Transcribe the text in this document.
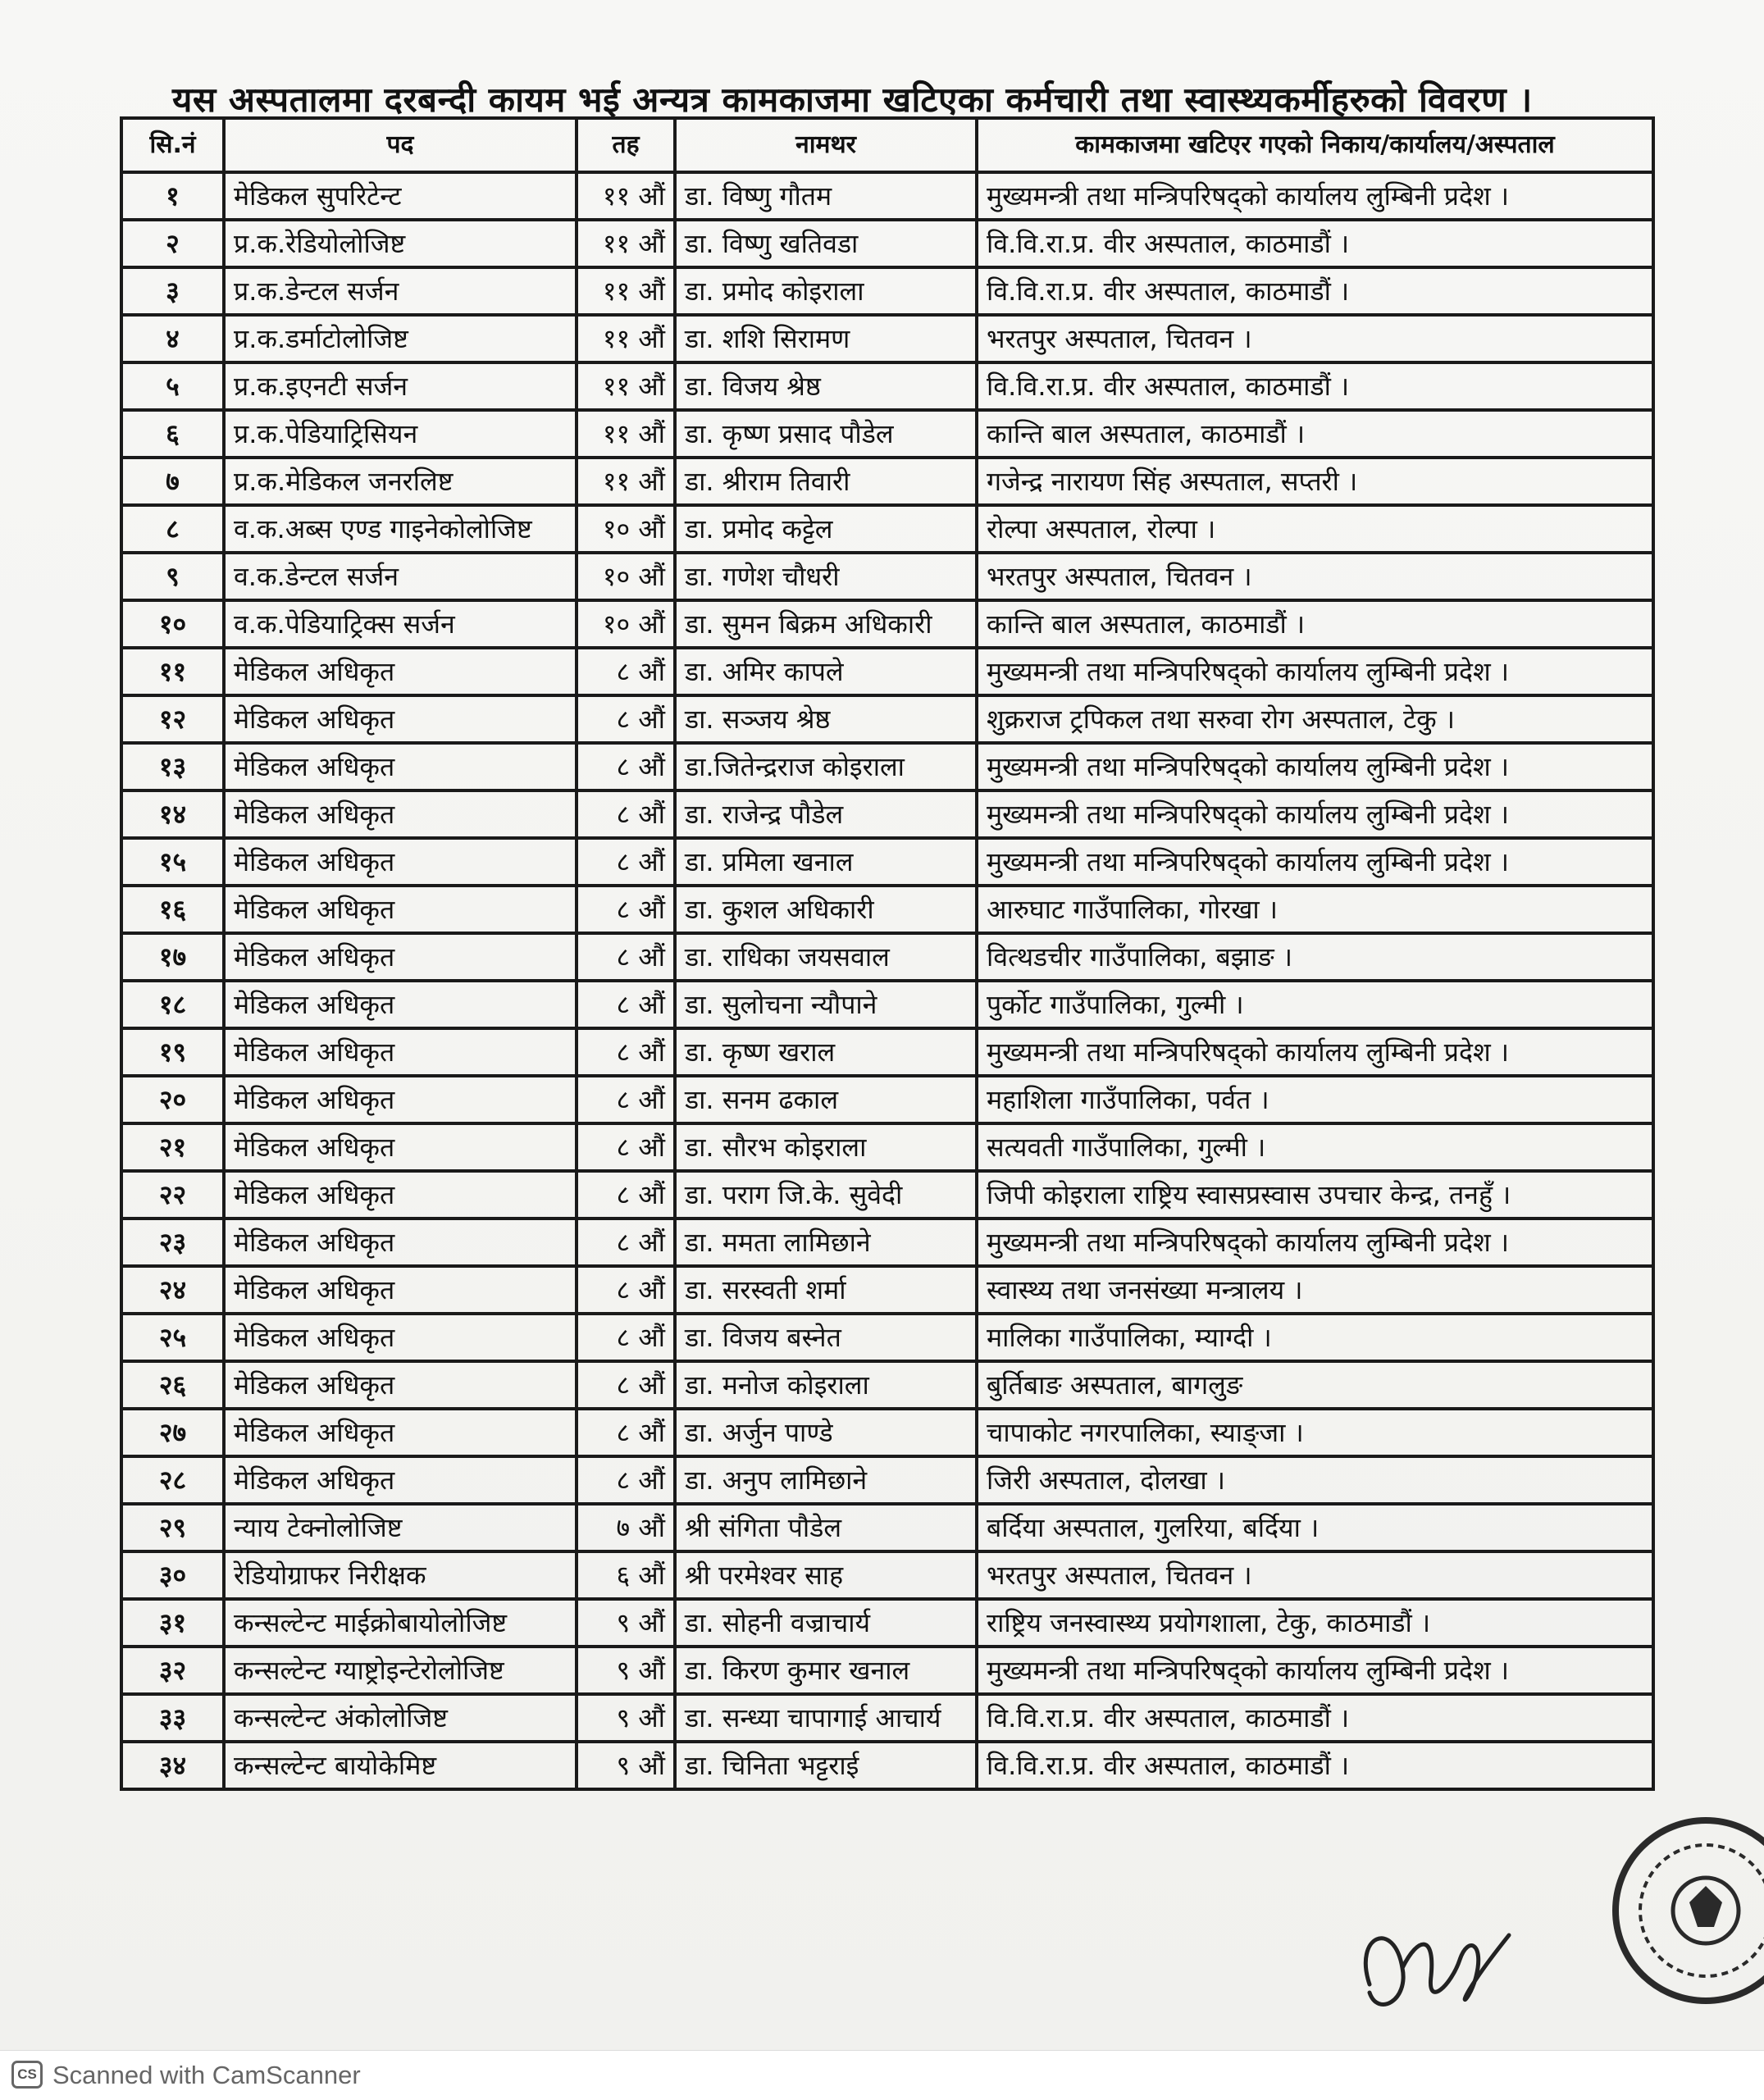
यस अस्पतालमा दरबन्दी कायम भई अन्यत्र कामकाजमा खटिएका कर्मचारी तथा स्वास्थ्यकर्मीहरुको विवरण ।
सि.नं	पद	तह	नामथर	कामकाजमा खटिएर गएको निकाय/कार्यालय/अस्पताल
१	मेडिकल सुपरिटेन्ट	११ औं	डा. विष्णु गौतम	मुख्यमन्त्री तथा मन्त्रिपरिषद्को कार्यालय लुम्बिनी प्रदेश ।
२	प्र.क.रेडियोलोजिष्ट	११ औं	डा. विष्णु खतिवडा	वि.वि.रा.प्र. वीर अस्पताल, काठमाडौं ।
३	प्र.क.डेन्टल सर्जन	११ औं	डा. प्रमोद कोइराला	वि.वि.रा.प्र. वीर अस्पताल, काठमाडौं ।
४	प्र.क.डर्माटोलोजिष्ट	११ औं	डा. शशि सिरामण	भरतपुर अस्पताल, चितवन ।
५	प्र.क.इएनटी सर्जन	११ औं	डा. विजय श्रेष्ठ	वि.वि.रा.प्र. वीर अस्पताल, काठमाडौं ।
६	प्र.क.पेडियाट्रिसियन	११ औं	डा. कृष्ण प्रसाद पौडेल	कान्ति बाल अस्पताल, काठमाडौं ।
७	प्र.क.मेडिकल जनरलिष्ट	११ औं	डा. श्रीराम तिवारी	गजेन्द्र नारायण सिंह अस्पताल, सप्तरी ।
८	व.क.अब्स एण्ड गाइनेकोलोजिष्ट	१० औं	डा. प्रमोद कट्टेल	रोल्पा अस्पताल, रोल्पा ।
९	व.क.डेन्टल सर्जन	१० औं	डा. गणेश चौधरी	भरतपुर अस्पताल, चितवन ।
१०	व.क.पेडियाट्रिक्स सर्जन	१० औं	डा. सुमन बिक्रम अधिकारी	कान्ति बाल अस्पताल, काठमाडौं ।
११	मेडिकल अधिकृत	८ औं	डा. अमिर कापले	मुख्यमन्त्री तथा मन्त्रिपरिषद्को कार्यालय लुम्बिनी प्रदेश ।
१२	मेडिकल अधिकृत	८ औं	डा. सञ्जय श्रेष्ठ	शुक्रराज ट्रपिकल तथा सरुवा रोग अस्पताल, टेकु ।
१३	मेडिकल अधिकृत	८ औं	डा.जितेन्द्रराज कोइराला	मुख्यमन्त्री तथा मन्त्रिपरिषद्को कार्यालय लुम्बिनी प्रदेश ।
१४	मेडिकल अधिकृत	८ औं	डा. राजेन्द्र पौडेल	मुख्यमन्त्री तथा मन्त्रिपरिषद्को कार्यालय लुम्बिनी प्रदेश ।
१५	मेडिकल अधिकृत	८ औं	डा. प्रमिला खनाल	मुख्यमन्त्री तथा मन्त्रिपरिषद्को कार्यालय लुम्बिनी प्रदेश ।
१६	मेडिकल अधिकृत	८ औं	डा. कुशल अधिकारी	आरुघाट गाउँपालिका, गोरखा ।
१७	मेडिकल अधिकृत	८ औं	डा. राधिका जयसवाल	वित्थडचीर गाउँपालिका, बझाङ ।
१८	मेडिकल अधिकृत	८ औं	डा. सुलोचना न्यौपाने	पुर्कोट गाउँपालिका, गुल्मी ।
१९	मेडिकल अधिकृत	८ औं	डा. कृष्ण खराल	मुख्यमन्त्री तथा मन्त्रिपरिषद्को कार्यालय लुम्बिनी प्रदेश ।
२०	मेडिकल अधिकृत	८ औं	डा. सनम ढकाल	महाशिला गाउँपालिका, पर्वत ।
२१	मेडिकल अधिकृत	८ औं	डा. सौरभ कोइराला	सत्यवती गाउँपालिका, गुल्मी ।
२२	मेडिकल अधिकृत	८ औं	डा. पराग जि.के. सुवेदी	जिपी कोइराला राष्ट्रिय स्वासप्रस्वास उपचार केन्द्र, तनहुँ ।
२३	मेडिकल अधिकृत	८ औं	डा. ममता लामिछाने	मुख्यमन्त्री तथा मन्त्रिपरिषद्को कार्यालय लुम्बिनी प्रदेश ।
२४	मेडिकल अधिकृत	८ औं	डा. सरस्वती शर्मा	स्वास्थ्य तथा जनसंख्या मन्त्रालय ।
२५	मेडिकल अधिकृत	८ औं	डा. विजय बस्नेत	मालिका गाउँपालिका, म्याग्दी ।
२६	मेडिकल अधिकृत	८ औं	डा. मनोज कोइराला	बुर्तिबाङ अस्पताल, बागलुङ
२७	मेडिकल अधिकृत	८ औं	डा. अर्जुन पाण्डे	चापाकोट नगरपालिका, स्याङ्जा ।
२८	मेडिकल अधिकृत	८ औं	डा. अनुप लामिछाने	जिरी अस्पताल, दोलखा ।
२९	न्याय टेक्नोलोजिष्ट	७ औं	श्री संगिता पौडेल	बर्दिया अस्पताल, गुलरिया, बर्दिया ।
३०	रेडियोग्राफर निरीक्षक	६ औं	श्री परमेश्वर साह	भरतपुर अस्पताल, चितवन ।
३१	कन्सल्टेन्ट माईक्रोबायोलोजिष्ट	९ औं	डा. सोहनी वज्राचार्य	राष्ट्रिय जनस्वास्थ्य प्रयोगशाला, टेकु, काठमाडौं ।
३२	कन्सल्टेन्ट ग्याष्ट्रोइन्टेरोलोजिष्ट	९ औं	डा. किरण कुमार खनाल	मुख्यमन्त्री तथा मन्त्रिपरिषद्को कार्यालय लुम्बिनी प्रदेश ।
३३	कन्सल्टेन्ट अंकोलोजिष्ट	९ औं	डा. सन्ध्या चापागाई आचार्य	वि.वि.रा.प्र. वीर अस्पताल, काठमाडौं ।
३४	कन्सल्टेन्ट बायोकेमिष्ट	९ औं	डा. चिनिता भट्टराई	वि.वि.रा.प्र. वीर अस्पताल, काठमाडौं ।
CS Scanned with CamScanner
